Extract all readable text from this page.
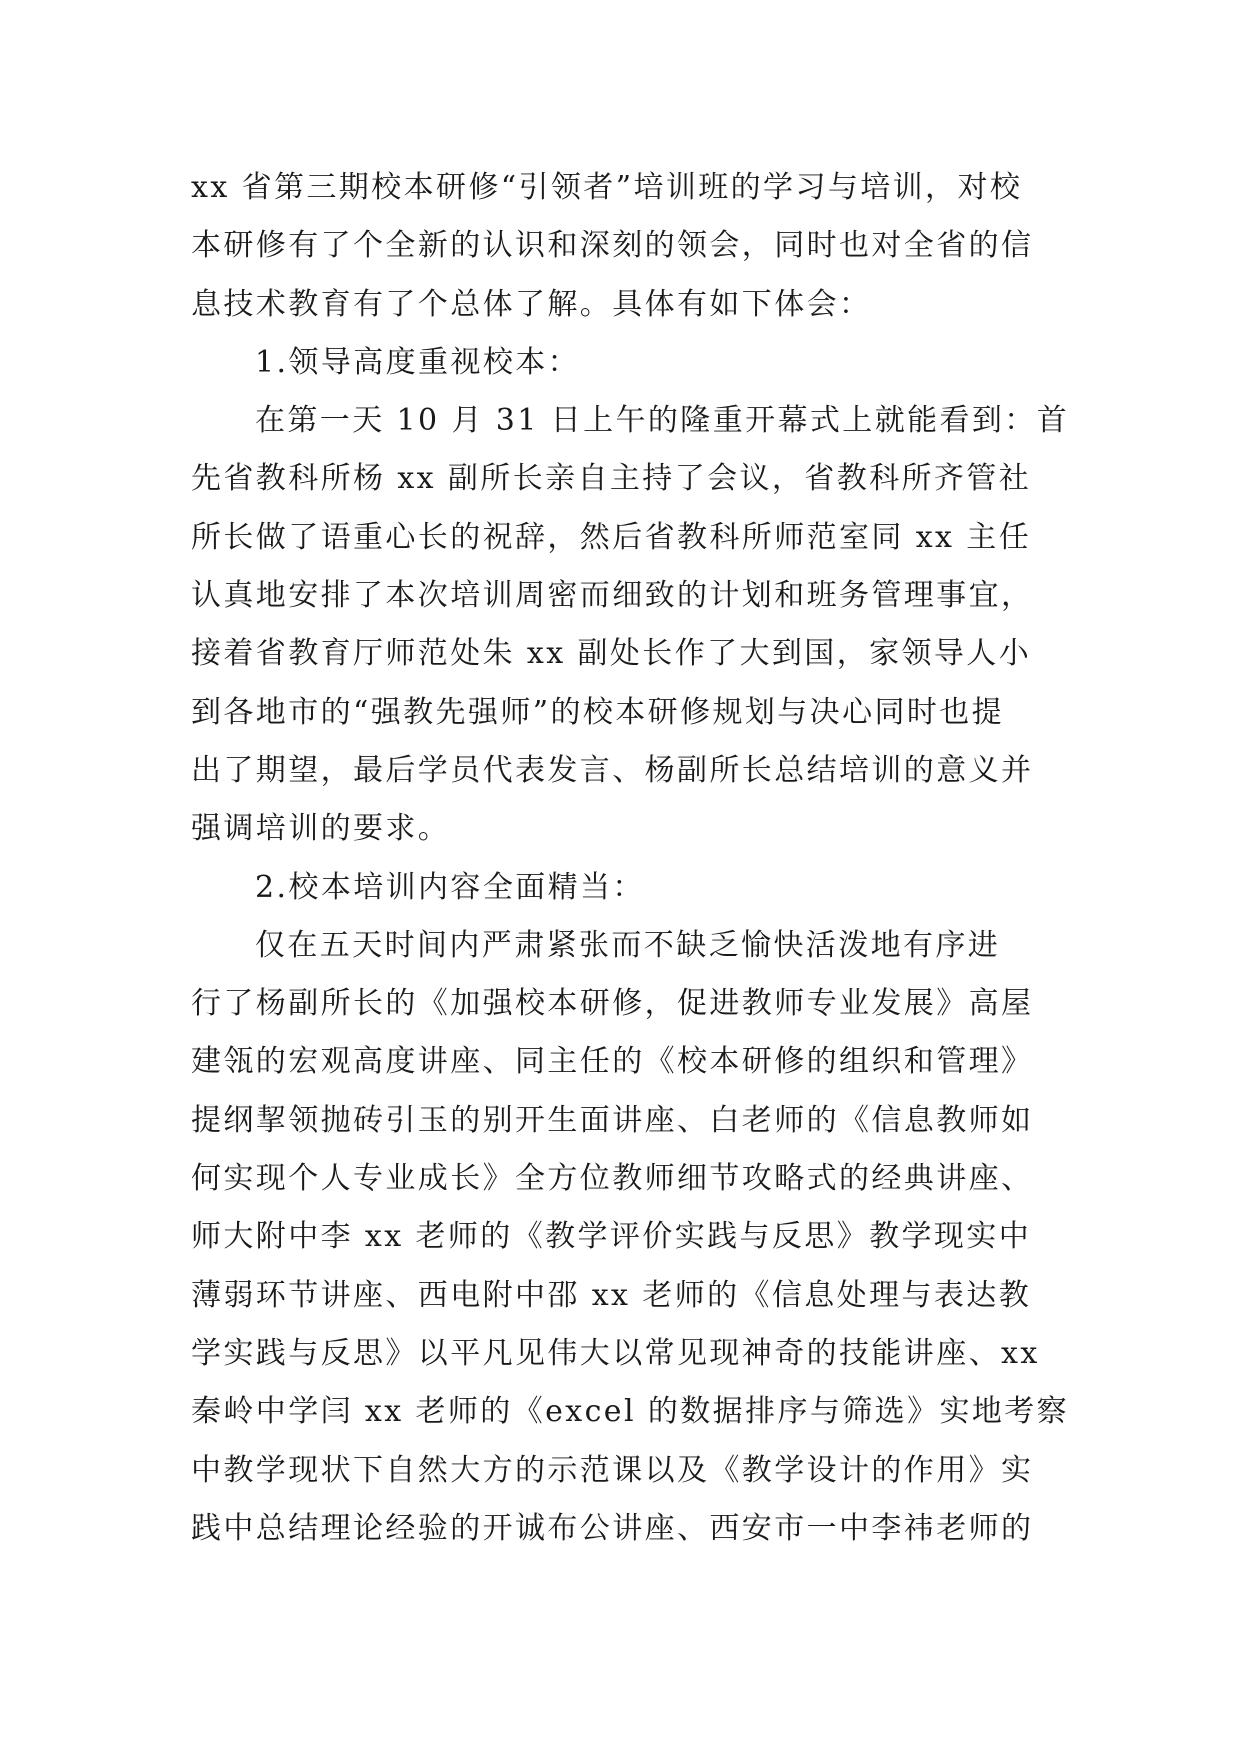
xx 省第三期校本研修“引领者”培训班的学习与培训，对校
本研修有了个全新的认识和深刻的领会，同时也对全省的信
息技术教育有了个总体了解。具体有如下体会：
1.领导高度重视校本：
在第一天 10 月 31 日上午的隆重开幕式上就能看到：首
先省教科所杨 xx 副所长亲自主持了会议，省教科所齐管社
所长做了语重心长的祝辞，然后省教科所师范室同 xx 主任
认真地安排了本次培训周密而细致的计划和班务管理事宜，
接着省教育厅师范处朱 xx 副处长作了大到国，家领导人小
到各地市的“强教先强师”的校本研修规划与决心同时也提
出了期望，最后学员代表发言、杨副所长总结培训的意义并
强调培训的要求。
2.校本培训内容全面精当：
仅在五天时间内严肃紧张而不缺乏愉快活泼地有序进
行了杨副所长的《加强校本研修，促进教师专业发展》高屋
建瓴的宏观高度讲座、同主任的《校本研修的组织和管理》
提纲挈领抛砖引玉的别开生面讲座、白老师的《信息教师如
何实现个人专业成长》全方位教师细节攻略式的经典讲座、
师大附中李 xx 老师的《教学评价实践与反思》教学现实中
薄弱环节讲座、西电附中邵 xx 老师的《信息处理与表达教
学实践与反思》以平凡见伟大以常见现神奇的技能讲座、xx
秦岭中学闫 xx 老师的《excel 的数据排序与筛选》实地考察
中教学现状下自然大方的示范课以及《教学设计的作用》实
践中总结理论经验的开诚布公讲座、西安市一中李祎老师的
